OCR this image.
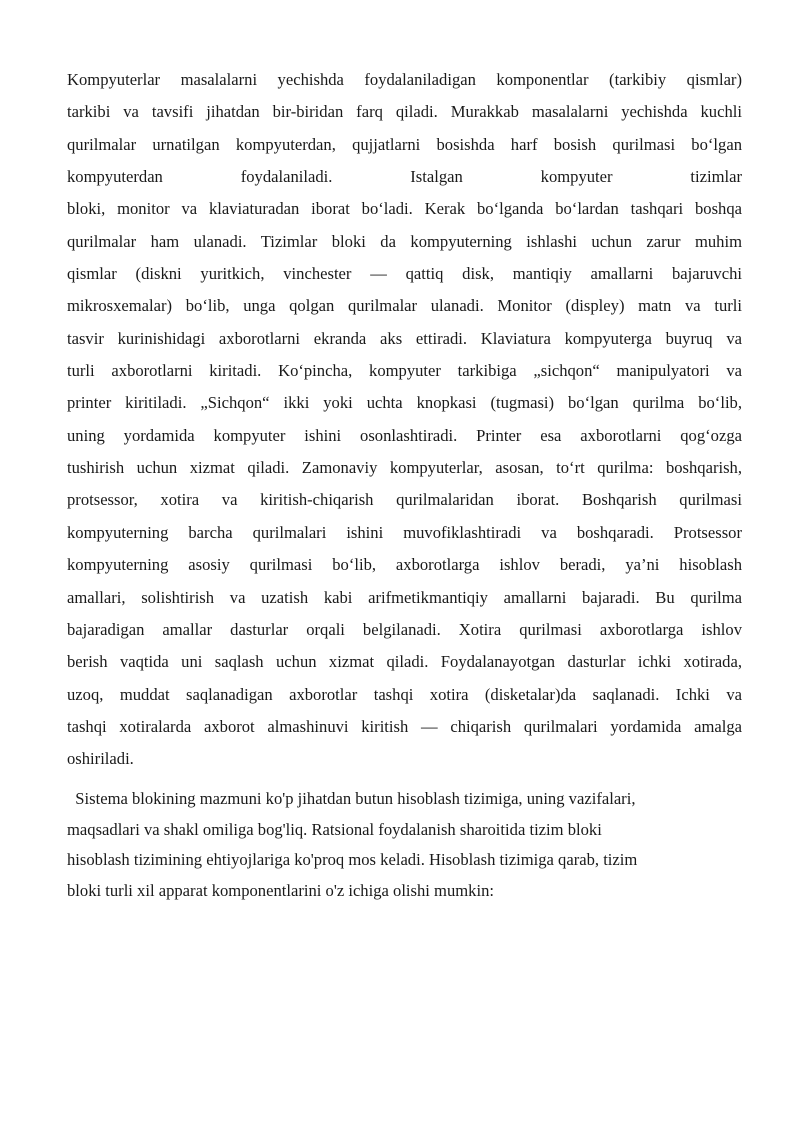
Kompyuterlar masalalarni yechishda foydalaniladigan komponentlar (tarkibiy qismlar)
tarkibi va tavsifi jihatdan bir-biridan farq qiladi. Murakkab masalalarni yechishda kuchli
qurilmalar urnatilgan kompyuterdan, qujjatlarni bosishda harf bosish qurilmasi bo‘lgan
kompyuterdan foydalaniladi. Istalgan kompyuter tizimlar
bloki, monitor va klaviaturadan iborat bo‘ladi. Kerak bo‘lganda bo‘lardan tashqari boshqa
qurilmalar ham ulanadi. Tizimlar bloki da kompyuterning ishlashi uchun zarur muhim
qismlar (diskni yuritkich, vinchester — qattiq disk, mantiqiy amallarni bajaruvchi
mikrosxemalar) bo‘lib, unga qolgan qurilmalar ulanadi. Monitor (displey) matn va turli
tasvir kurinishidagi axborotlarni ekranda aks ettiradi. Klaviatura kompyuterga buyruq va
turli axborotlarni kiritadi. Ko‘pincha, kompyuter tarkibiga „sichqon“ manipulyatori va
printer kiritiladi. „Sichqon“ ikki yoki uchta knopkasi (tugmasi) bo‘lgan qurilma bo‘lib,
uning yordamida kompyuter ishini osonlashtiradi. Printer esa axborotlarni qog‘ozga
tushirish uchun xizmat qiladi. Zamonaviy kompyuterlar, asosan, to‘rt qurilma: boshqarish,
protsessor, xotira va kiritish-chiqarish qurilmalaridan iborat. Boshqarish qurilmasi
kompyuterning barcha qurilmalari ishini muvofiklashtiradi va boshqaradi. Protsessor
kompyuterning asosiy qurilmasi bo‘lib, axborotlarga ishlov beradi, ya’ni hisoblash
amallari, solishtirish va uzatish kabi arifmetikmantiqiy amallarni bajaradi. Bu qurilma
bajaradigan amallar dasturlar orqali belgilanadi. Xotira qurilmasi axborotlarga ishlov
berish vaqtida uni saqlash uchun xizmat qiladi. Foydalanayotgan dasturlar ichki xotirada,
uzoq, muddat saqlanadigan axborotlar tashqi xotira (disketalar)da saqlanadi. Ichki va
tashqi xotiralarda axborot almashinuvi kiritish — chiqarish qurilmalari yordamida amalga
oshiriladi.
Sistema blokining mazmuni ko'p jihatdan butun hisoblash tizimiga, uning vazifalari,
maqsadlari va shakl omiliga bog'liq. Ratsional foydalanish sharoitida tizim bloki
hisoblash tizimining ehtiyojlariga ko'proq mos keladi. Hisoblash tizimiga qarab, tizim
bloki turli xil apparat komponentlarini o'z ichiga olishi mumkin:
